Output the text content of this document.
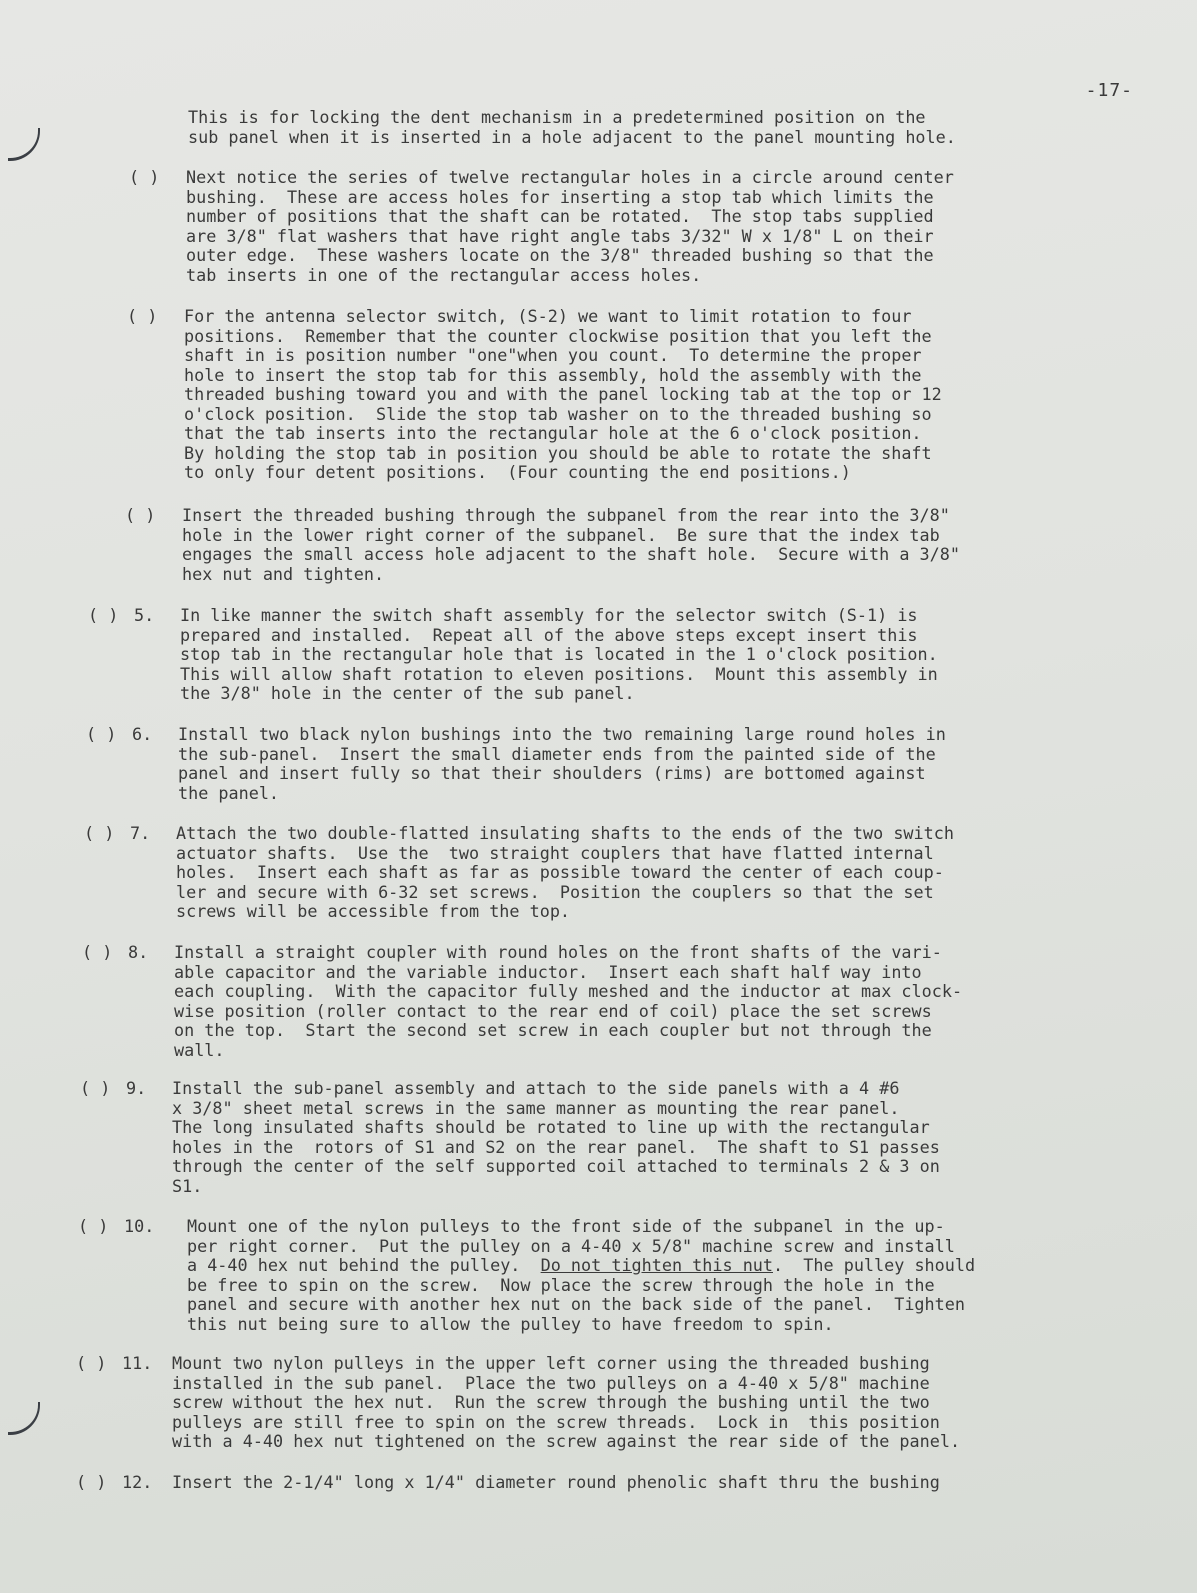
-17-

This is for locking the dent mechanism in a predetermined position on the
sub panel when it is inserted in a hole adjacent to the panel mounting hole.

( ) Next notice the series of twelve rectangular holes in a circle around center
bushing.  These are access holes for inserting a stop tab which limits the
number of positions that the shaft can be rotated.  The stop tabs supplied
are 3/8" flat washers that have right angle tabs 3/32" W x 1/8" L on their
outer edge.  These washers locate on the 3/8" threaded bushing so that the
tab inserts in one of the rectangular access holes.

( ) For the antenna selector switch, (S-2) we want to limit rotation to four
positions.  Remember that the counter clockwise position that you left the
shaft in is position number "one"when you count.  To determine the proper
hole to insert the stop tab for this assembly, hold the assembly with the
threaded bushing toward you and with the panel locking tab at the top or 12
o'clock position.  Slide the stop tab washer on to the threaded bushing so
that the tab inserts into the rectangular hole at the 6 o'clock position.
By holding the stop tab in position you should be able to rotate the shaft
to only four detent positions.  (Four counting the end positions.)

( ) Insert the threaded bushing through the subpanel from the rear into the 3/8"
hole in the lower right corner of the subpanel.  Be sure that the index tab
engages the small access hole adjacent to the shaft hole.  Secure with a 3/8"
hex nut and tighten.

( ) 5. In like manner the switch shaft assembly for the selector switch (S-1) is
prepared and installed.  Repeat all of the above steps except insert this
stop tab in the rectangular hole that is located in the 1 o'clock position.
This will allow shaft rotation to eleven positions.  Mount this assembly in
the 3/8" hole in the center of the sub panel.

( ) 6. Install two black nylon bushings into the two remaining large round holes in
the sub-panel.  Insert the small diameter ends from the painted side of the
panel and insert fully so that their shoulders (rims) are bottomed against
the panel.

( ) 7. Attach the two double-flatted insulating shafts to the ends of the two switch
actuator shafts.  Use the  two straight couplers that have flatted internal
holes.  Insert each shaft as far as possible toward the center of each coup-
ler and secure with 6-32 set screws.  Position the couplers so that the set
screws will be accessible from the top.

( ) 8. Install a straight coupler with round holes on the front shafts of the vari-
able capacitor and the variable inductor.  Insert each shaft half way into
each coupling.  With the capacitor fully meshed and the inductor at max clock-
wise position (roller contact to the rear end of coil) place the set screws
on the top.  Start the second set screw in each coupler but not through the
wall.

( ) 9. Install the sub-panel assembly and attach to the side panels with a 4 #6
x 3/8" sheet metal screws in the same manner as mounting the rear panel.
The long insulated shafts should be rotated to line up with the rectangular
holes in the  rotors of S1 and S2 on the rear panel.  The shaft to S1 passes
through the center of the self supported coil attached to terminals 2 & 3 on
S1.

( ) 10. Mount one of the nylon pulleys to the front side of the subpanel in the up-
per right corner.  Put the pulley on a 4-40 x 5/8" machine screw and install
a 4-40 hex nut behind the pulley.  Do not tighten this nut.  The pulley should
be free to spin on the screw.  Now place the screw through the hole in the
panel and secure with another hex nut on the back side of the panel.  Tighten
this nut being sure to allow the pulley to have freedom to spin.

( ) 11. Mount two nylon pulleys in the upper left corner using the threaded bushing
installed in the sub panel.  Place the two pulleys on a 4-40 x 5/8" machine
screw without the hex nut.  Run the screw through the bushing until the two
pulleys are still free to spin on the screw threads.  Lock in  this position
with a 4-40 hex nut tightened on the screw against the rear side of the panel.

( ) 12. Insert the 2-1/4" long x 1/4" diameter round phenolic shaft thru the bushing
